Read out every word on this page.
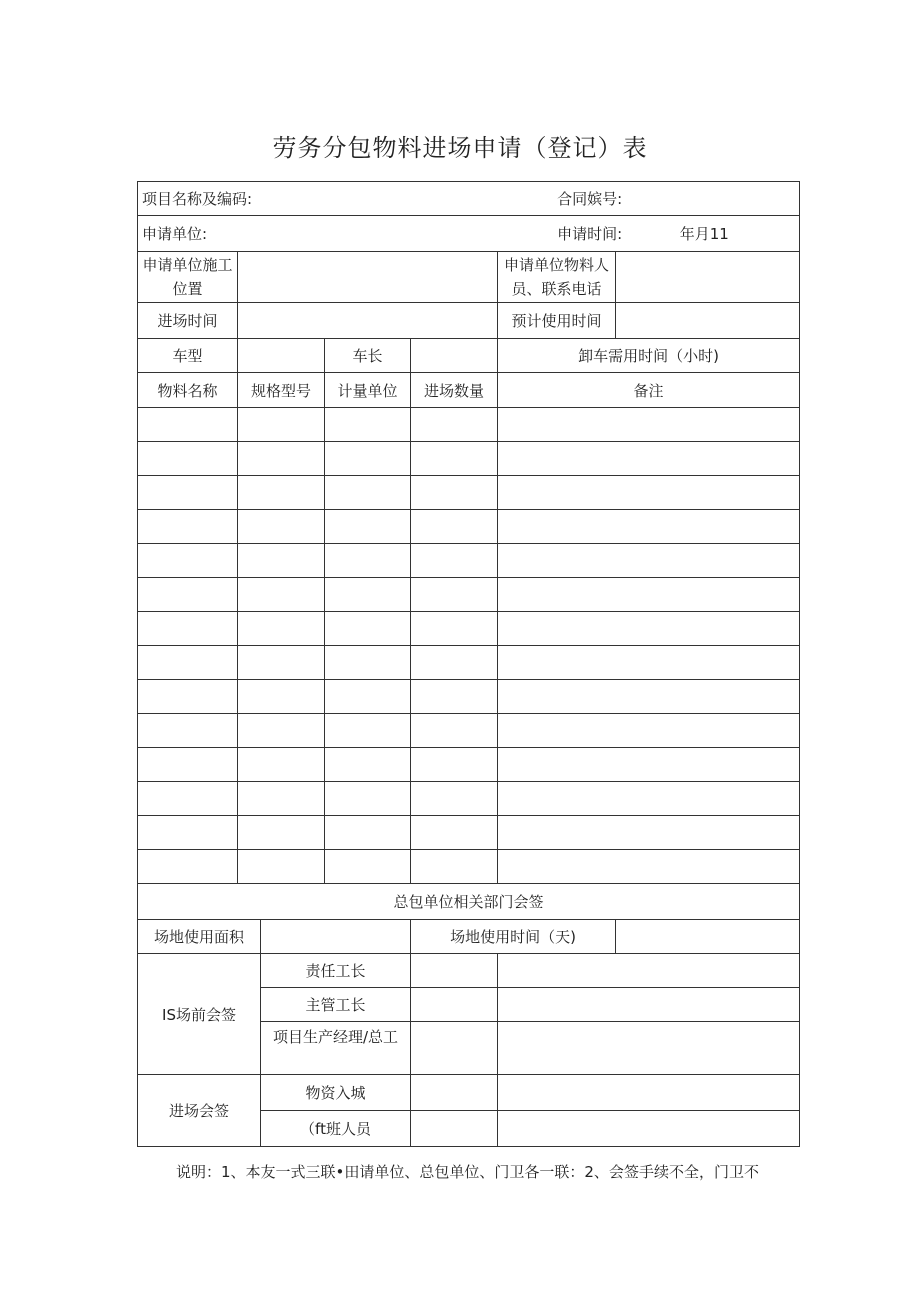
劳务分包物料进场申请（登记）表
项目名称及编码: 合同嫔号:						

申请单位: 申请时间: 年月11						

申请单位施工位置					申请单位物料人员、联系电话	
进场时间					预计使用时间	
车型			车长		卸车需用时间（小时)	
物料名称	规格型号		计量单位	进场数量	备注	

总包单位相关部门会签						
场地使用面积				场地使用时间（天)		
IS场前会签		责任工长				
		主管工长				
		项目生产经理/总工				
进场会签		物资入城				
		（ft班人员				
说明：1、本友一式三联•田请单位、总包单位、门卫各一联：2、会签手续不全，门卫不
